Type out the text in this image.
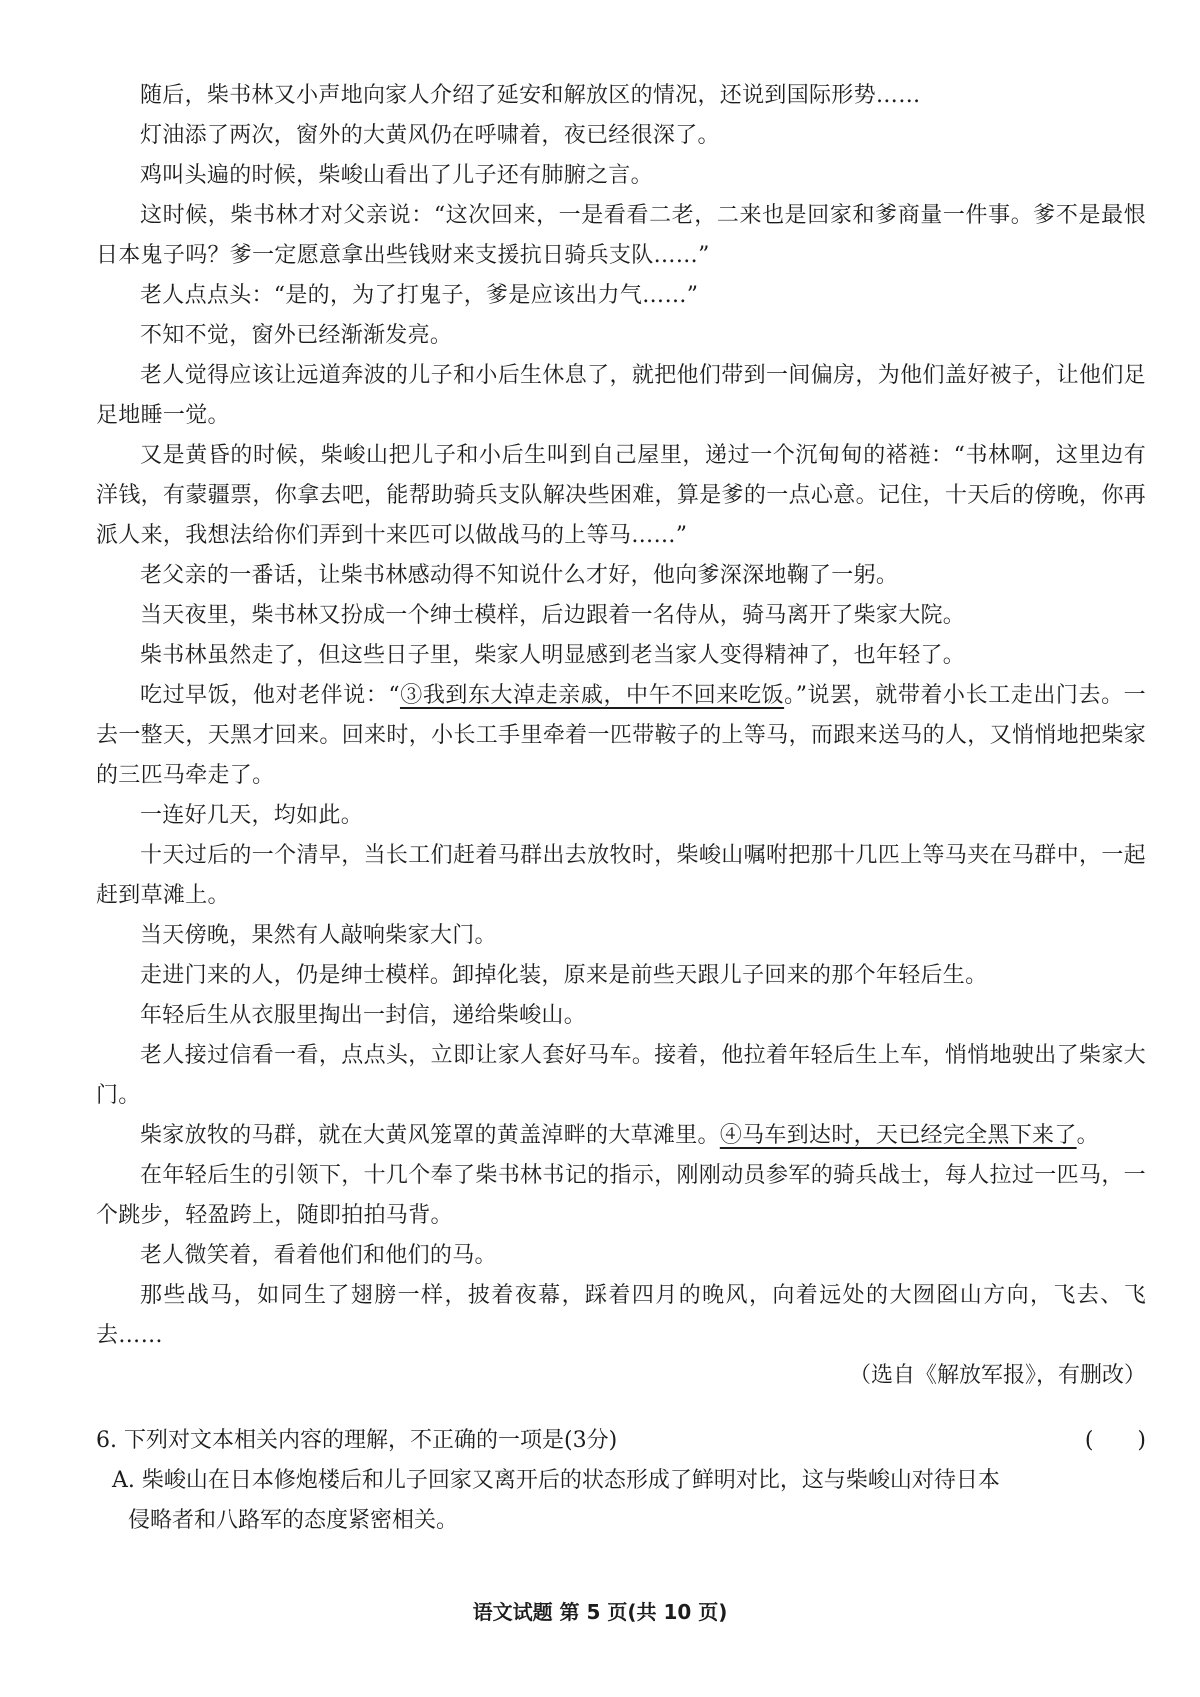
随后，柴书林又小声地向家人介绍了延安和解放区的情况，还说到国际形势……

灯油添了两次，窗外的大黄风仍在呼啸着，夜已经很深了。

鸡叫头遍的时候，柴峻山看出了儿子还有肺腑之言。

这时候，柴书林才对父亲说：“这次回来，一是看看二老，二来也是回家和爹商量一件事。爹不是最恨日本鬼子吗？爹一定愿意拿出些钱财来支援抗日骑兵支队……”

老人点点头：“是的，为了打鬼子，爹是应该出力气……”

不知不觉，窗外已经渐渐发亮。

老人觉得应该让远道奔波的儿子和小后生休息了，就把他们带到一间偏房，为他们盖好被子，让他们足足地睡一觉。

又是黄昏的时候，柴峻山把儿子和小后生叫到自己屋里，递过一个沉甸甸的褡裢：“书林啊，这里边有洋钱，有蒙疆票，你拿去吧，能帮助骑兵支队解决些困难，算是爹的一点心意。记住，十天后的傍晚，你再派人来，我想法给你们弄到十来匹可以做战马的上等马……”

老父亲的一番话，让柴书林感动得不知说什么才好，他向爹深深地鞠了一躬。

当天夜里，柴书林又扮成一个绅士模样，后边跟着一名侍从，骑马离开了柴家大院。

柴书林虽然走了，但这些日子里，柴家人明显感到老当家人变得精神了，也年轻了。

吃过早饭，他对老伴说：“③我到东大淖走亲戚，中午不回来吃饭。”说罢，就带着小长工走出门去。一去一整天，天黑才回来。回来时，小长工手里牵着一匹带鞍子的上等马，而跟来送马的人，又悄悄地把柴家的三匹马牵走了。

一连好几天，均如此。

十天过后的一个清早，当长工们赶着马群出去放牧时，柴峻山嘱咐把那十几匹上等马夹在马群中，一起赶到草滩上。

当天傍晚，果然有人敲响柴家大门。

走进门来的人，仍是绅士模样。卸掉化装，原来是前些天跟儿子回来的那个年轻后生。

年轻后生从衣服里掏出一封信，递给柴峻山。

老人接过信看一看，点点头，立即让家人套好马车。接着，他拉着年轻后生上车，悄悄地驶出了柴家大门。

柴家放牧的马群，就在大黄风笼罩的黄盖淖畔的大草滩里。④马车到达时，天已经完全黑下来了。

在年轻后生的引领下，十几个奉了柴书林书记的指示，刚刚动员参军的骑兵战士，每人拉过一匹马，一个跳步，轻盈跨上，随即拍拍马背。

老人微笑着，看着他们和他们的马。

那些战马，如同生了翅膀一样，披着夜幕，踩着四月的晚风，向着远处的大囫囵山方向，飞去、飞去……

（选自《解放军报》，有删改）

6. 下列对文本相关内容的理解，不正确的一项是(3分)	(　　)

A. 柴峻山在日本修炮楼后和儿子回家又离开后的状态形成了鲜明对比，这与柴峻山对待日本
侵略者和八路军的态度紧密相关。

语文试题 第 5 页(共 10 页)
